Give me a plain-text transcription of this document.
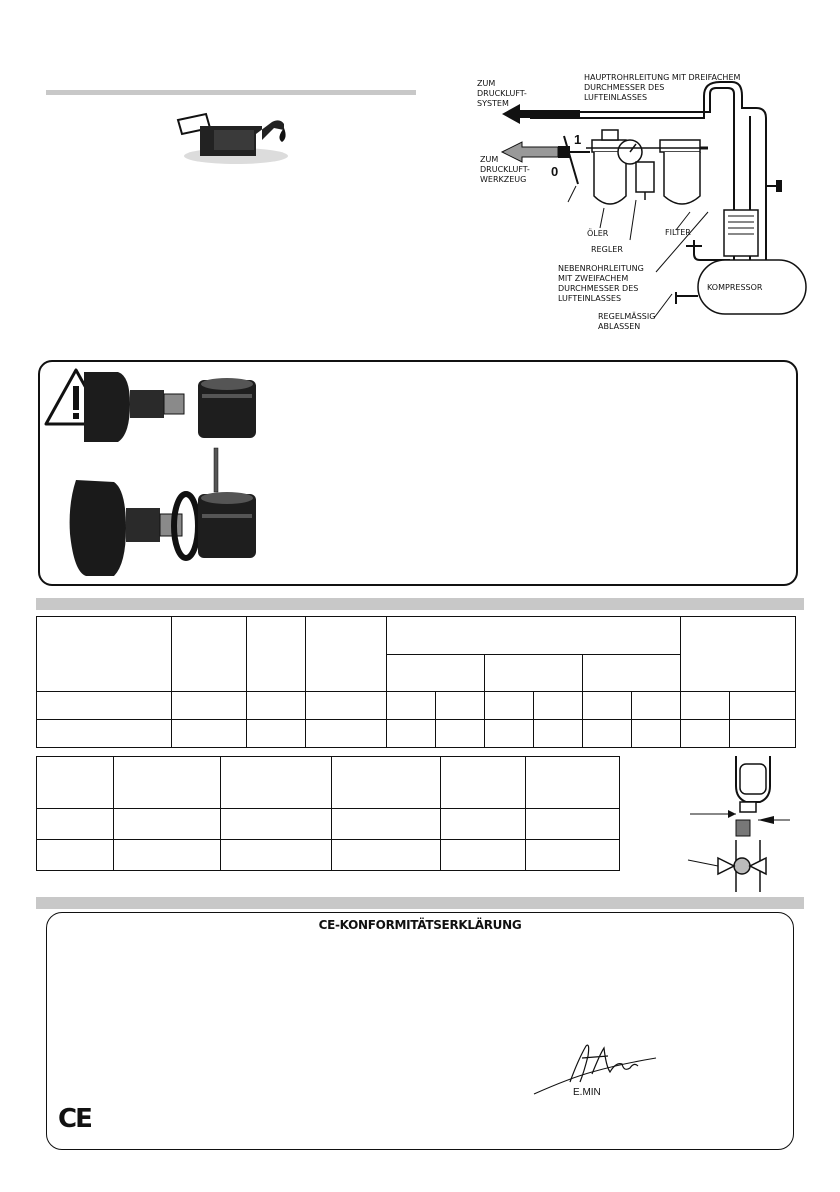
ZUM
DRUCKLUFT-
SYSTEM
HAUPTROHRLEITUNG MIT DREIFACHEM
DURCHMESSER DES
LUFTEINLASSES
ZUM
DRUCKLUFT-
WERKZEUG
1
0
ÖLER	FILTER
REGLER
NEBENROHRLEITUNG
MIT ZWEIFACHEM
DURCHMESSER DES
LUFTEINLASSES
KOMPRESSOR
REGELMÄSSIG
ABLASSEN

CE-KONFORMITÄTSERKLÄRUNG
E.MIN
CE
